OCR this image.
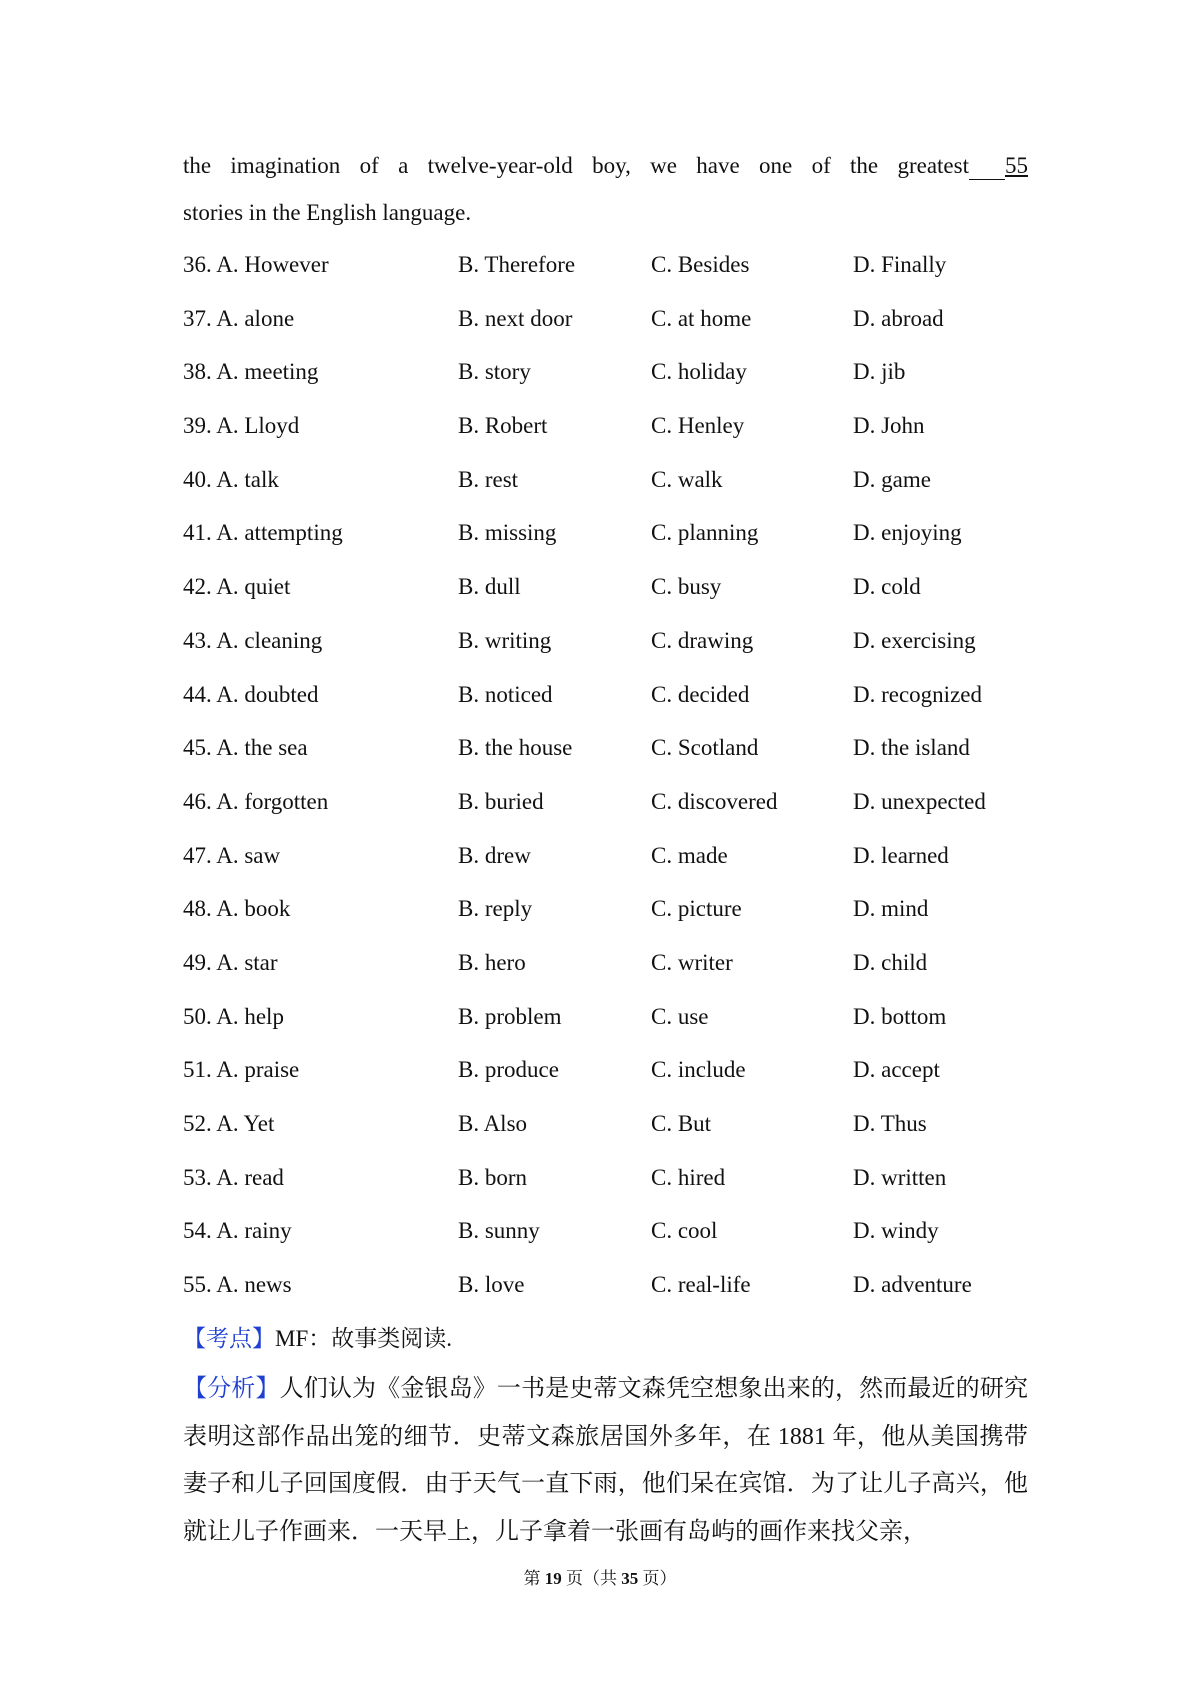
the imagination of a twelve-year-old boy, we have one of the greatest 55
stories in the English language.
36. A. However	B. Therefore	C. Besides	D. Finally
37. A. alone	B. next door	C. at home	D. abroad
38. A. meeting	B. story	C. holiday	D. jib
39. A. Lloyd	B. Robert	C. Henley	D. John
40. A. talk	B. rest	C. walk	D. game
41. A. attempting	B. missing	C. planning	D. enjoying
42. A. quiet	B. dull	C. busy	D. cold
43. A. cleaning	B. writing	C. drawing	D. exercising
44. A. doubted	B. noticed	C. decided	D. recognized
45. A. the sea	B. the house	C. Scotland	D. the island
46. A. forgotten	B. buried	C. discovered	D. unexpected
47. A. saw	B. drew	C. made	D. learned
48. A. book	B. reply	C. picture	D. mind
49. A. star	B. hero	C. writer	D. child
50. A. help	B. problem	C. use	D. bottom
51. A. praise	B. produce	C. include	D. accept
52. A. Yet	B. Also	C. But	D. Thus
53. A. read	B. born	C. hired	D. written
54. A. rainy	B. sunny	C. cool	D. windy
55. A. news	B. love	C. real-life	D. adventure
【考点】MF：故事类阅读.
【分析】人们认为《金银岛》一书是史蒂文森凭空想象出来的，然而最近的研究表明这部作品出笼的细节．史蒂文森旅居国外多年，在 1881 年，他从美国携带妻子和儿子回国度假．由于天气一直下雨，他们呆在宾馆．为了让儿子高兴，他就让儿子作画来．一天早上，儿子拿着一张画有岛屿的画作来找父亲，
第 19 页（共 35 页）
